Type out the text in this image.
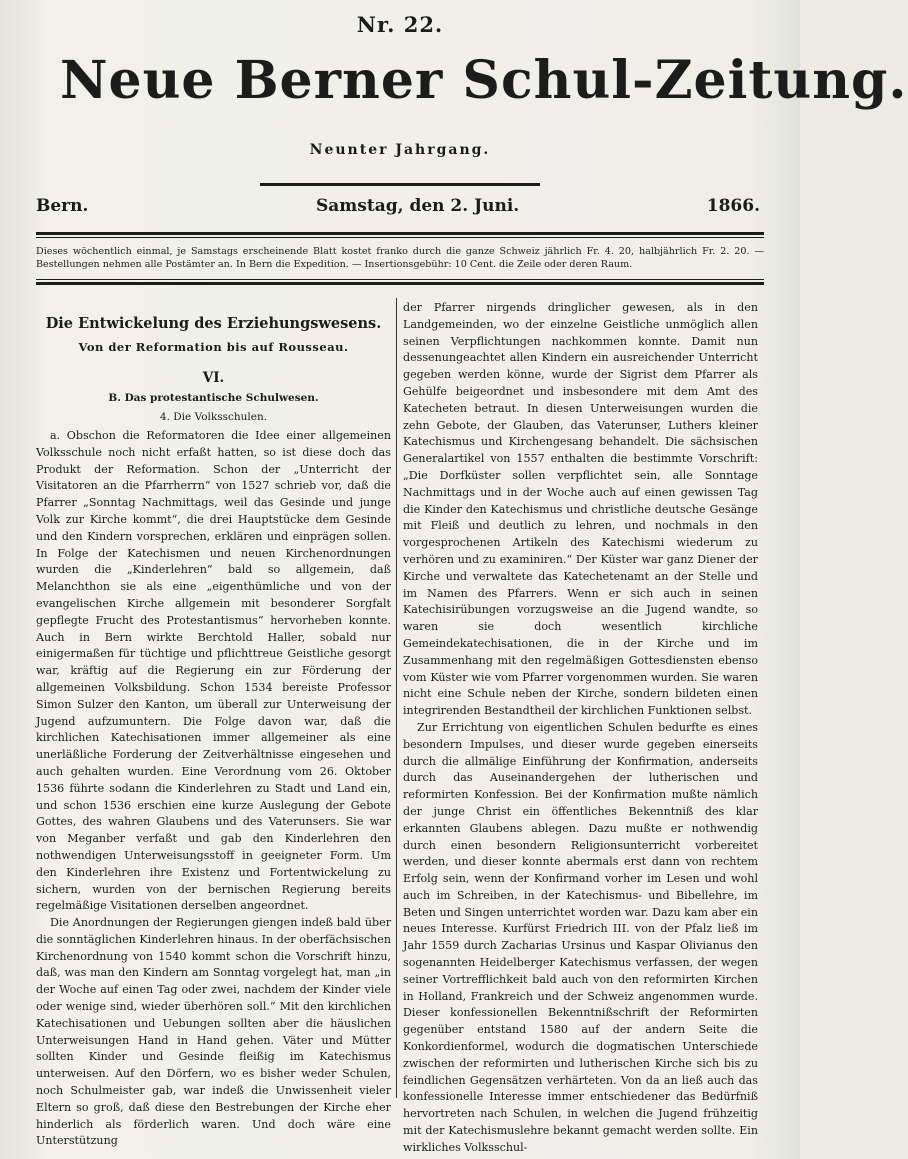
Nr. 22.
Neue Berner Schul-Zeitung.
Neunter Jahrgang.
Bern.	Samstag, den 2. Juni.	1866.
Dieses wöchentlich einmal, je Samstags erscheinende Blatt kostet franko durch die ganze Schweiz jährlich Fr. 4. 20, halbjährlich Fr. 2. 20. — Bestellungen nehmen alle Postämter an. In Bern die Expedition. — Insertionsgebühr: 10 Cent. die Zeile oder deren Raum.
Die Entwickelung des Erziehungswesens.
Von der Reformation bis auf Rousseau.
VI.
B. Das protestantische Schulwesen.
4. Die Volksschulen.

a. Obschon die Reformatoren die Idee einer allgemeinen Volksschule noch nicht erfaßt hatten, so ist diese doch das Produkt der Reformation. Schon der „Unterricht der Visitatoren an die Pfarrherrn“ von 1527 schrieb vor, daß die Pfarrer „Sonntag Nachmittags, weil das Gesinde und junge Volk zur Kirche kommt“, die drei Hauptstücke dem Gesinde und den Kindern vorsprechen, erklären und einprägen sollen. In Folge der Katechismen und neuen Kirchenordnungen wurden die „Kinderlehren“ bald so allgemein, daß Melanchthon sie als eine „eigenthümliche und von der evangelischen Kirche allgemein mit besonderer Sorgfalt gepflegte Frucht des Protestantismus“ hervorheben konnte. Auch in Bern wirkte Berchtold Haller, sobald nur einigermaßen für tüchtige und pflichttreue Geistliche gesorgt war, kräftig auf die Regierung ein zur Förderung der allgemeinen Volksbildung. Schon 1534 bereiste Professor Simon Sulzer den Kanton, um überall zur Unterweisung der Jugend aufzumuntern. Die Folge davon war, daß die kirchlichen Katechisationen immer allgemeiner als eine unerläßliche Forderung der Zeitverhältnisse eingesehen und auch gehalten wurden. Eine Verordnung vom 26. Oktober 1536 führte sodann die Kinderlehren zu Stadt und Land ein, und schon 1536 erschien eine kurze Auslegung der Gebote Gottes, des wahren Glaubens und des Vaterunsers. Sie war von Meganber verfaßt und gab den Kinderlehren den nothwendigen Unterweisungsstoff in geeigneter Form. Um den Kinderlehren ihre Existenz und Fortentwickelung zu sichern, wurden von der bernischen Regierung bereits regelmäßige Visitationen derselben angeordnet.

Die Anordnungen der Regierungen giengen indeß bald über die sonntäglichen Kinderlehren hinaus. In der oberfächsischen Kirchenordnung von 1540 kommt schon die Vorschrift hinzu, daß, was man den Kindern am Sonntag vorgelegt hat, man „in der Woche auf einen Tag oder zwei, nachdem der Kinder viele oder wenige sind, wieder überhören soll.“ Mit den kirchlichen Katechisationen und Uebungen sollten aber die häuslichen Unterweisungen Hand in Hand gehen. Väter und Mütter sollten Kinder und Gesinde fleißig im Katechismus unterweisen. Auf den Dörfern, wo es bisher weder Schulen, noch Schulmeister gab, war indeß die Unwissenheit vieler Eltern so groß, daß diese den Bestrebungen der Kirche eher hinderlich als förderlich waren. Und doch wäre eine Unterstützung

der Pfarrer nirgends dringlicher gewesen, als in den Landgemeinden, wo der einzelne Geistliche unmöglich allen seinen Verpflichtungen nachkommen konnte. Damit nun dessenungeachtet allen Kindern ein ausreichender Unterricht gegeben werden könne, wurde der Sigrist dem Pfarrer als Gehülfe beigeordnet und insbesondere mit dem Amt des Katecheten betraut. In diesen Unterweisungen wurden die zehn Gebote, der Glauben, das Vaterunser, Luthers kleiner Katechismus und Kirchengesang behandelt. Die sächsischen Generalartikel von 1557 enthalten die bestimmte Vorschrift: „Die Dorfküster sollen verpflichtet sein, alle Sonntage Nachmittags und in der Woche auch auf einen gewissen Tag die Kinder den Katechismus und christliche deutsche Gesänge mit Fleiß und deutlich zu lehren, und nochmals in den vorgesprochenen Artikeln des Katechismi wiederum zu verhören und zu examiniren.“ Der Küster war ganz Diener der Kirche und verwaltete das Katechetenamt an der Stelle und im Namen des Pfarrers. Wenn er sich auch in seinen Katechisirübungen vorzugsweise an die Jugend wandte, so waren sie doch wesentlich kirchliche Gemeindekatechisationen, die in der Kirche und im Zusammenhang mit den regelmäßigen Gottesdiensten ebenso vom Küster wie vom Pfarrer vorgenommen wurden. Sie waren nicht eine Schule neben der Kirche, sondern bildeten einen integrirenden Bestandtheil der kirchlichen Funktionen selbst.

Zur Errichtung von eigentlichen Schulen bedurfte es eines besondern Impulses, und dieser wurde gegeben einerseits durch die allmälige Einführung der Konfirmation, anderseits durch das Auseinandergehen der lutherischen und reformirten Konfession. Bei der Konfirmation mußte nämlich der junge Christ ein öffentliches Bekenntniß des klar erkannten Glaubens ablegen. Dazu mußte er nothwendig durch einen besondern Religionsunterricht vorbereitet werden, und dieser konnte abermals erst dann von rechtem Erfolg sein, wenn der Konfirmand vorher im Lesen und wohl auch im Schreiben, in der Katechismus- und Bibellehre, im Beten und Singen unterrichtet worden war. Dazu kam aber ein neues Interesse. Kurfürst Friedrich III. von der Pfalz ließ im Jahr 1559 durch Zacharias Ursinus und Kaspar Olivianus den sogenannten Heidelberger Katechismus verfassen, der wegen seiner Vortrefflichkeit bald auch von den reformirten Kirchen in Holland, Frankreich und der Schweiz angenommen wurde. Dieser konfessionellen Bekenntnißschrift der Reformirten gegenüber entstand 1580 auf der andern Seite die Konkordienformel, wodurch die dogmatischen Unterschiede zwischen der reformirten und lutherischen Kirche sich bis zu feindlichen Gegensätzen verhärteten. Von da an ließ auch das konfessionelle Interesse immer entschiedener das Bedürfniß hervortreten nach Schulen, in welchen die Jugend frühzeitig mit der Katechismuslehre bekannt gemacht werden sollte. Ein wirkliches Volksschul-
